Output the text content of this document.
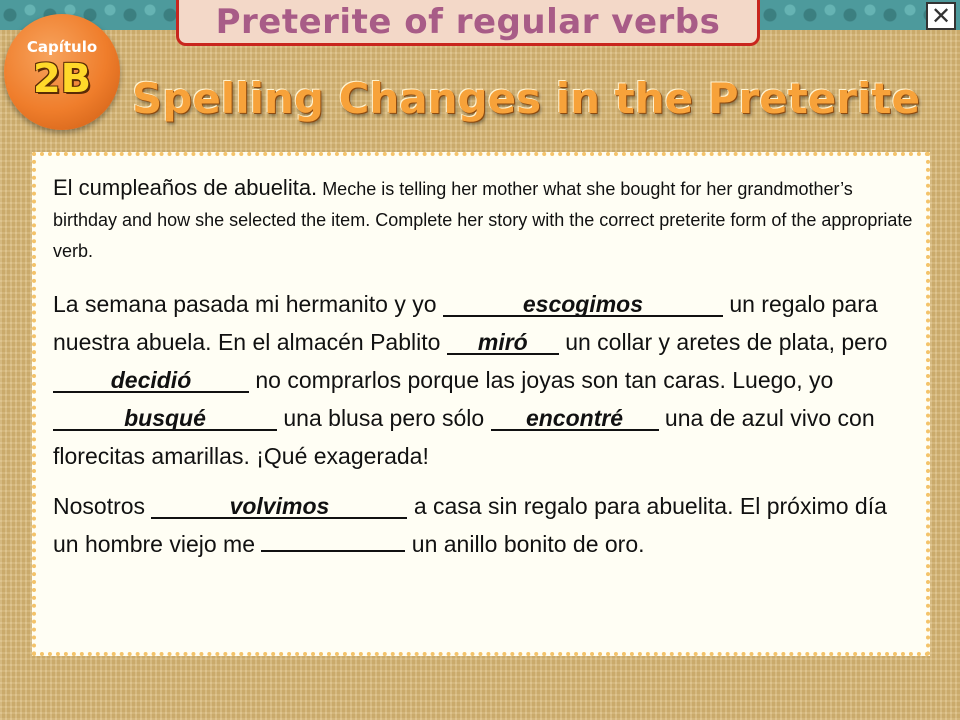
Preterite of regular verbs	✕
Capítulo
2B Spelling Changes in the Preterite

El cumpleaños de abuelita. Meche is telling her mother what she bought for her grandmother’s birthday and how she selected the item. Complete her story with the correct preterite form of the appropriate verb.

La semana pasada mi hermanito y yo	escogimos	un regalo para nuestra abuela. En el almacén Pablito miró un collar y aretes de plata, pero decidió	no comprarlos porque las joyas son tan caras. Luego, yo busqué	una blusa pero sólo encontré una de azul vivo con florecitas amarillas. ¡Qué exagerada!

Nosotros	volvimos	a casa sin regalo para abuelita. El próximo día un hombre viejo me	un anillo bonito de oro.
